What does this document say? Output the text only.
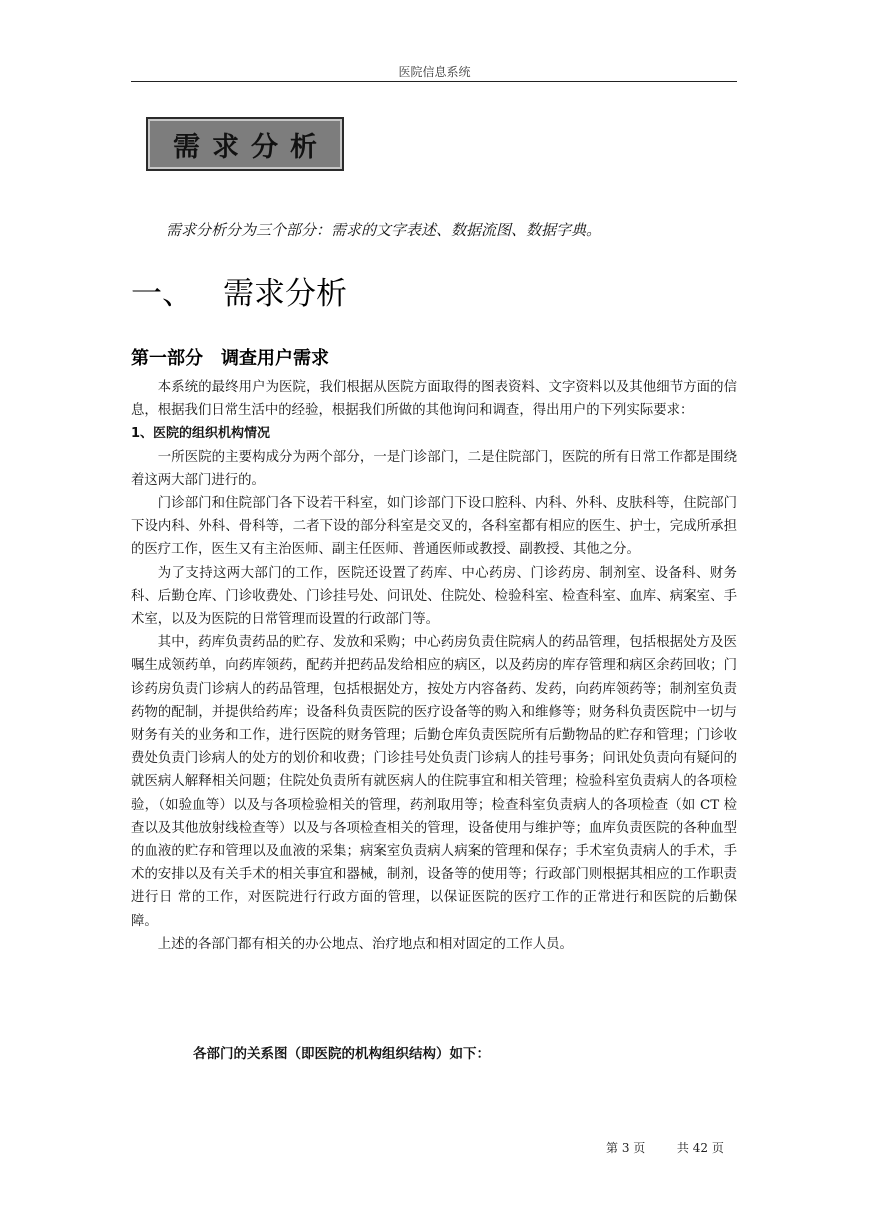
医院信息系统
需求分析
需求分析分为三个部分：需求的文字表述、数据流图、数据字典。
一、 需求分析
第一部分 调查用户需求

本系统的最终用户为医院，我们根据从医院方面取得的图表资料、文字资料以及其他细节方面的信息，根据我们日常生活中的经验，根据我们所做的其他询问和调查，得出用户的下列实际要求：

1、医院的组织机构情况

一所医院的主要构成分为两个部分，一是门诊部门，二是住院部门，医院的所有日常工作都是围绕着这两大部门进行的。

门诊部门和住院部门各下设若干科室，如门诊部门下设口腔科、内科、外科、皮肤科等，住院部门下设内科、外科、骨科等，二者下设的部分科室是交叉的，各科室都有相应的医生、护士，完成所承担的医疗工作，医生又有主治医师、副主任医师、普通医师或教授、副教授、其他之分。

为了支持这两大部门的工作，医院还设置了药库、中心药房、门诊药房、制剂室、设备科、财务科、后勤仓库、门诊收费处、门诊挂号处、问讯处、住院处、检验科室、检查科室、血库、病案室、手术室，以及为医院的日常管理而设置的行政部门等。

其中，药库负责药品的贮存、发放和采购；中心药房负责住院病人的药品管理，包括根据处方及医嘱生成领药单，向药库领药，配药并把药品发给相应的病区，以及药房的库存管理和病区余药回收；门诊药房负责门诊病人的药品管理，包括根据处方，按处方内容备药、发药，向药库领药等；制剂室负责药物的配制，并提供给药库；设备科负责医院的医疗设备等的购入和维修等；财务科负责医院中一切与财务有关的业务和工作，进行医院的财务管理；后勤仓库负责医院所有后勤物品的贮存和管理；门诊收费处负责门诊病人的处方的划价和收费；门诊挂号处负责门诊病人的挂号事务；问讯处负责向有疑问的就医病人解释相关问题；住院处负责所有就医病人的住院事宜和相关管理；检验科室负责病人的各项检验，（如验血等）以及与各项检验相关的管理，药剂取用等；检查科室负责病人的各项检查（如 CT 检查以及其他放射线检查等）以及与各项检查相关的管理，设备使用与维护等；血库负责医院的各种血型的血液的贮存和管理以及血液的采集；病案室负责病人病案的管理和保存；手术室负责病人的手术，手术的安排以及有关手术的相关事宜和器械，制剂，设备等的使用等；行政部门则根据其相应的工作职责进行日 常的工作，对医院进行行政方面的管理，以保证医院的医疗工作的正常进行和医院的后勤保障。

上述的各部门都有相关的办公地点、治疗地点和相对固定的工作人员。

各部门的关系图（即医院的机构组织结构）如下：
第 3 页	共 42 页
